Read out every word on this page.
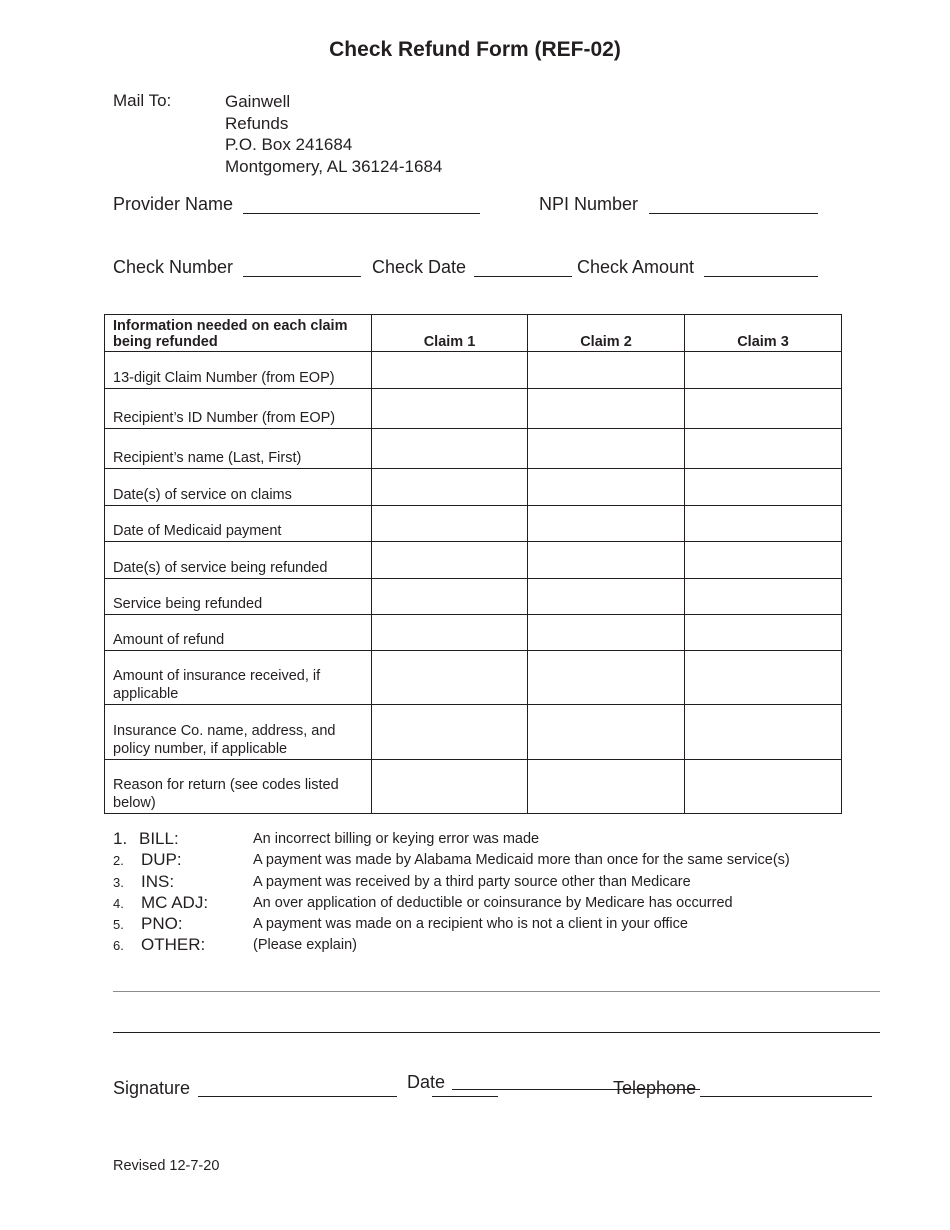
Check Refund Form (REF-02)
Mail To:	Gainwell
Refunds
P.O. Box 241684
Montgomery, AL 36124-1684
Provider Name	NPI Number
Check Number	Check Date	Check Amount
Information needed on each claim being refunded	Claim 1	Claim 2	Claim 3
13-digit Claim Number (from EOP)			
Recipient’s ID Number (from EOP)			
Recipient’s name (Last, First)			
Date(s) of service on claims			
Date of Medicaid payment			
Date(s) of service being refunded			
Service being refunded			
Amount of refund			
Amount of insurance received, if applicable			
Insurance Co. name, address, and policy number, if applicable			
Reason for return (see codes listed below)			
1. BILL:	An incorrect billing or keying error was made
2. DUP:	A payment was made by Alabama Medicaid more than once for the same service(s)
3. INS:	A payment was received by a third party source other than Medicare
4. MC ADJ:	An over application of deductible or coinsurance by Medicare has occurred
5. PNO:	A payment was made on a recipient who is not a client in your office
6. OTHER:	(Please explain)
Signature	Date	Telephone
Revised 12-7-20
